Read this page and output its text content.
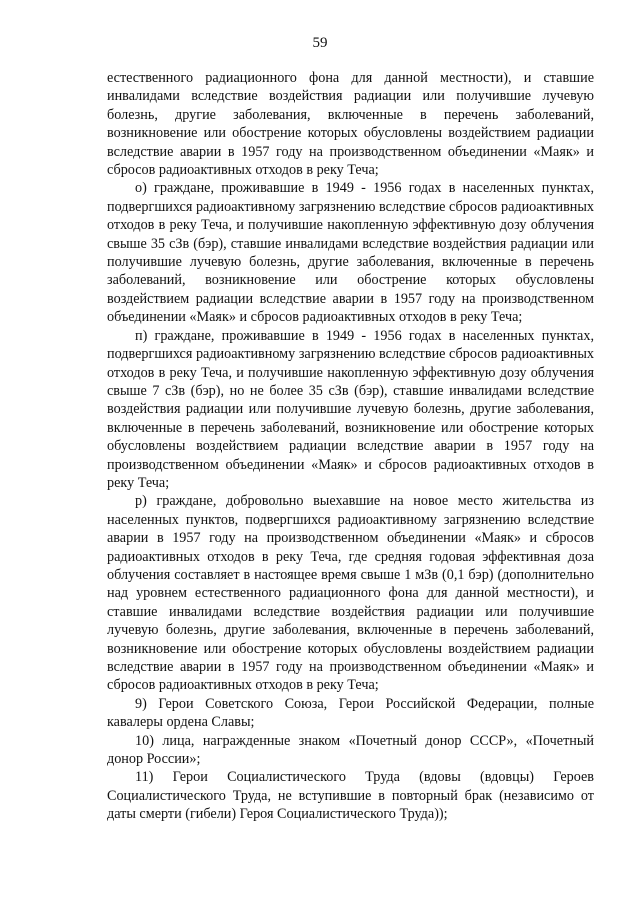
59

естественного радиационного фона для данной местности), и ставшие инвалидами вследствие воздействия радиации или получившие лучевую болезнь, другие заболевания, включенные в перечень заболеваний, возникновение или обострение которых обусловлены воздействием радиации вследствие аварии в 1957 году на производственном объединении «Маяк» и сбросов радиоактивных отходов в реку Теча;

о) граждане, проживавшие в 1949 - 1956 годах в населенных пунктах, подвергшихся радиоактивному загрязнению вследствие сбросов радиоактивных отходов в реку Теча, и получившие накопленную эффективную дозу облучения свыше 35 сЗв (бэр), ставшие инвалидами вследствие воздействия радиации или получившие лучевую болезнь, другие заболевания, включенные в перечень заболеваний, возникновение или обострение которых обусловлены воздействием радиации вследствие аварии в 1957 году на производственном объединении «Маяк» и сбросов радиоактивных отходов в реку Теча;

п) граждане, проживавшие в 1949 - 1956 годах в населенных пунктах, подвергшихся радиоактивному загрязнению вследствие сбросов радиоактивных отходов в реку Теча, и получившие накопленную эффективную дозу облучения свыше 7 сЗв (бэр), но не более 35 сЗв (бэр), ставшие инвалидами вследствие воздействия радиации или получившие лучевую болезнь, другие заболевания, включенные в перечень заболеваний, возникновение или обострение которых обусловлены воздействием радиации вследствие аварии в 1957 году на производственном объединении «Маяк» и сбросов радиоактивных отходов в реку Теча;

р) граждане, добровольно выехавшие на новое место жительства из населенных пунктов, подвергшихся радиоактивному загрязнению вследствие аварии в 1957 году на производственном объединении «Маяк» и сбросов радиоактивных отходов в реку Теча, где средняя годовая эффективная доза облучения составляет в настоящее время свыше 1 мЗв (0,1 бэр) (дополнительно над уровнем естественного радиационного фона для данной местности), и ставшие инвалидами вследствие воздействия радиации или получившие лучевую болезнь, другие заболевания, включенные в перечень заболеваний, возникновение или обострение которых обусловлены воздействием радиации вследствие аварии в 1957 году на производственном объединении «Маяк» и сбросов радиоактивных отходов в реку Теча;

9) Герои Советского Союза, Герои Российской Федерации, полные кавалеры ордена Славы;

10) лица, награжденные знаком «Почетный донор СССР», «Почетный донор России»;

11) Герои Социалистического Труда (вдовы (вдовцы) Героев Социалистического Труда, не вступившие в повторный брак (независимо от даты смерти (гибели) Героя Социалистического Труда));
